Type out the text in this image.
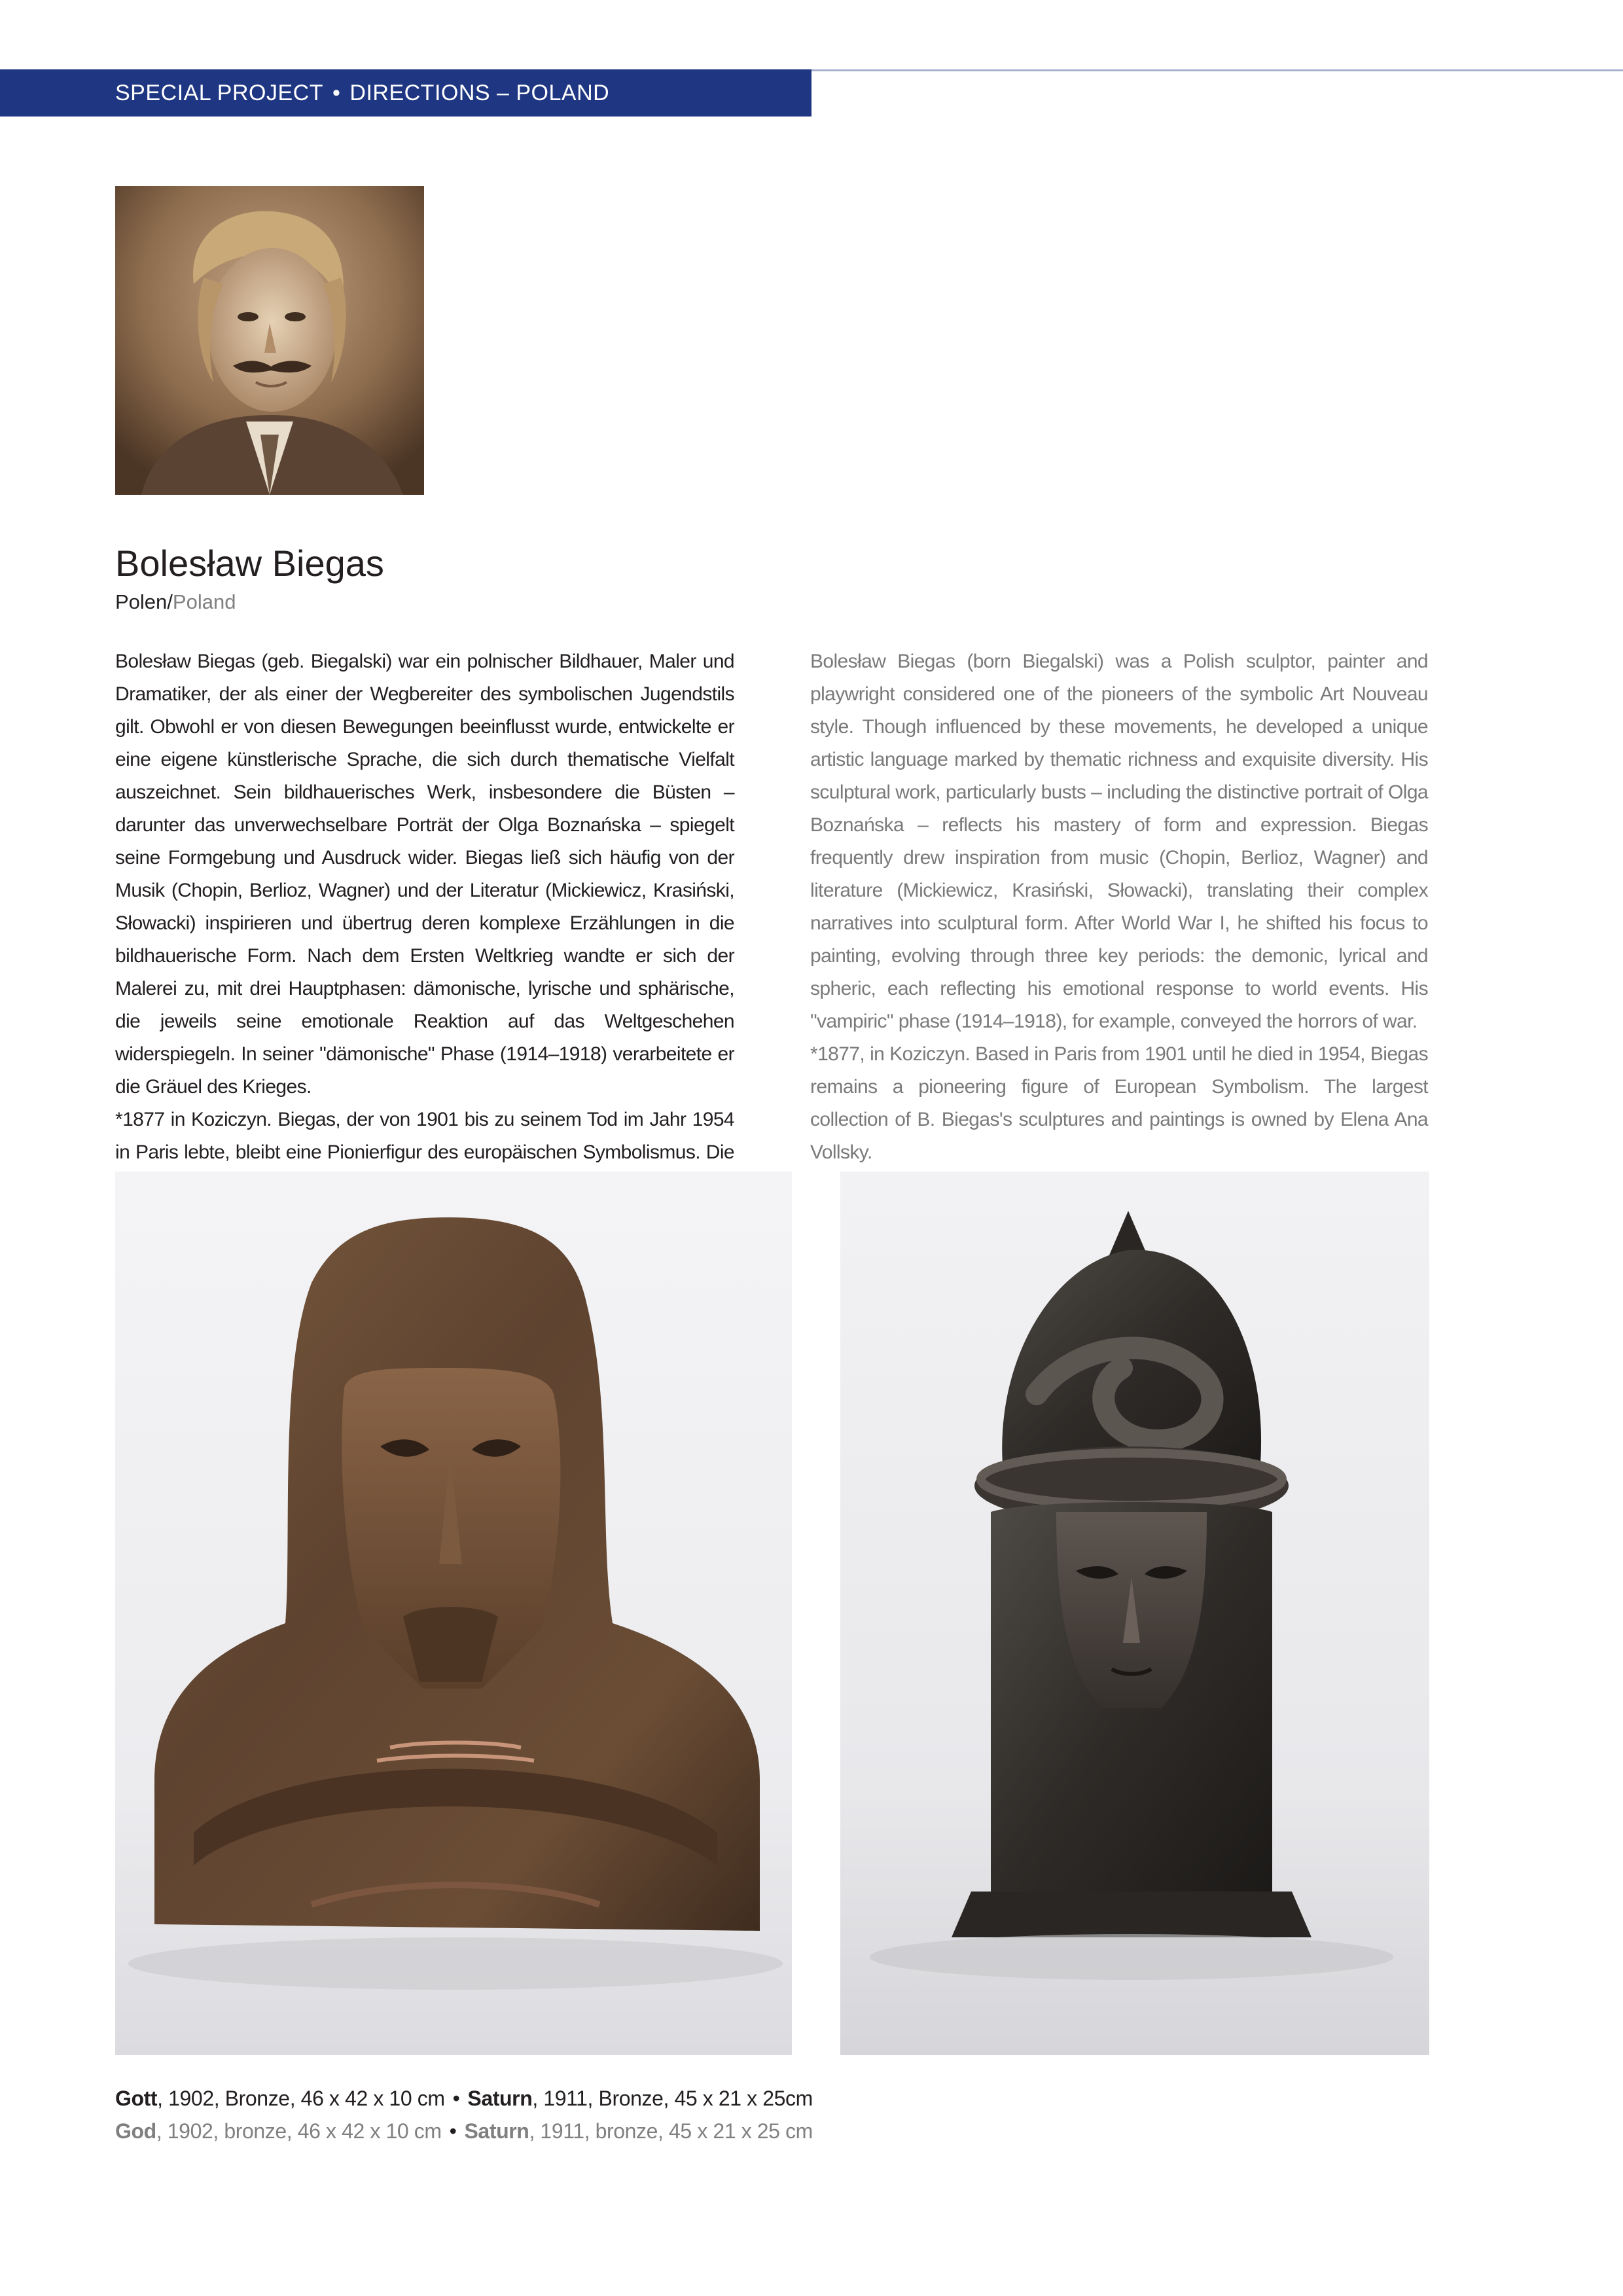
SPECIAL PROJECT • DIRECTIONS – POLAND
Bolesław Biegas
Polen/Poland

Bolesław Biegas (geb. Biegalski) war ein polnischer Bildhauer, Maler und Dramatiker, der als einer der Wegbereiter des symbolischen Jugendstils gilt. Obwohl er von diesen Bewegungen beeinflusst wurde, entwickelte er eine eigene künstlerische Sprache, die sich durch thematische Vielfalt auszeichnet. Sein bildhauerisches Werk, insbesondere die Büsten – darunter das unverwechselbare Porträt der Olga Boznańska – spiegelt seine Formgebung und Ausdruck wider. Biegas ließ sich häufig von der Musik (Chopin, Berlioz, Wagner) und der Literatur (Mickiewicz, Krasiński, Słowacki) inspirieren und übertrug deren komplexe Erzählungen in die bildhauerische Form. Nach dem Ersten Weltkrieg wandte er sich der Malerei zu, mit drei Hauptphasen: dämonische, lyrische und sphärische, die jeweils seine emotionale Reaktion auf das Weltgeschehen widerspiegeln. In seiner "dämonische" Phase (1914–1918) verarbeitete er die Gräuel des Krieges.

*1877 in Koziczyn. Biegas, der von 1901 bis zu seinem Tod im Jahr 1954 in Paris lebte, bleibt eine Pionierfigur des europäischen Symbolismus. Die

Bolesław Biegas (born Biegalski) was a Polish sculptor, painter and playwright considered one of the pioneers of the symbolic Art Nouveau style. Though influenced by these movements, he developed a unique artistic language marked by thematic richness and exquisite diversity. His sculptural work, particularly busts – including the distinctive portrait of Olga Boznańska – reflects his mastery of form and expression. Biegas frequently drew inspiration from music (Chopin, Berlioz, Wagner) and literature (Mickiewicz, Krasiński, Słowacki), translating their complex narratives into sculptural form. After World War I, he shifted his focus to painting, evolving through three key periods: the demonic, lyrical and spheric, each reflecting his emotional response to world events. His "vampiric" phase (1914–1918), for example, conveyed the horrors of war.

*1877, in Koziczyn. Based in Paris from 1901 until he died in 1954, Biegas remains a pioneering figure of European Symbolism. The largest collection of B. Biegas's sculptures and paintings is owned by Elena Ana Vollsky.

Gott, 1902, Bronze, 46 x 42 x 10 cm • Saturn, 1911, Bronze, 45 x 21 x 25cm
God, 1902, bronze, 46 x 42 x 10 cm • Saturn, 1911, bronze, 45 x 21 x 25 cm
